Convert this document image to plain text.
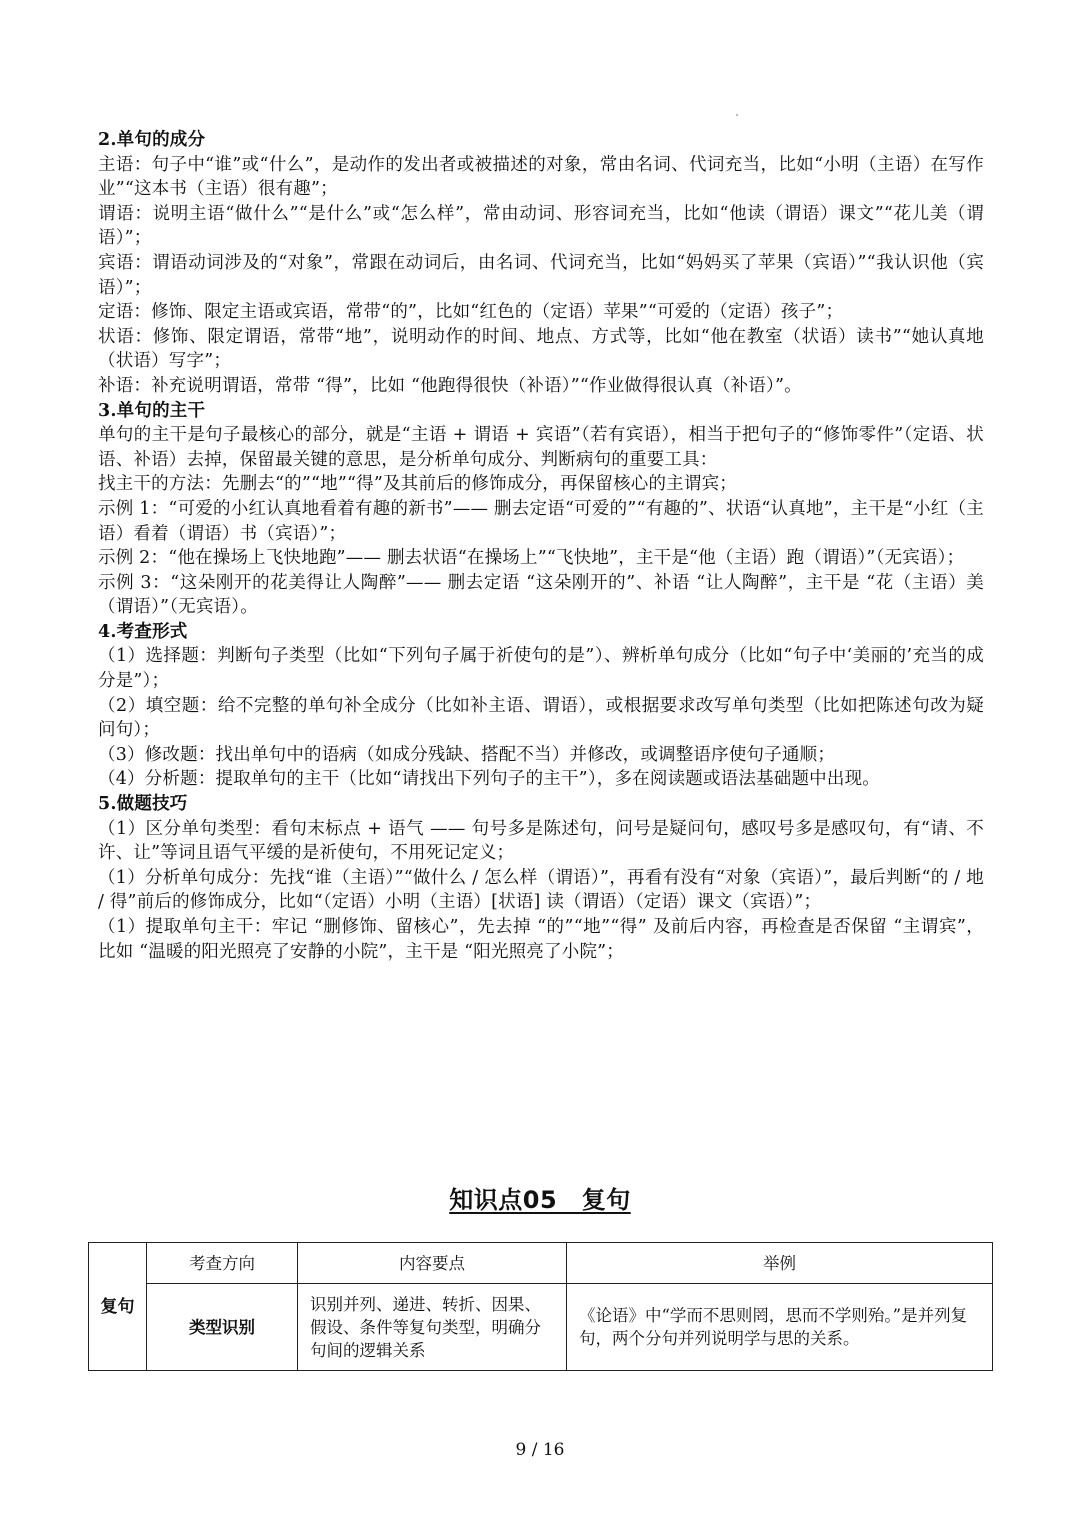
2.单句的成分

主语：句子中“谁”或“什么”，是动作的发出者或被描述的对象，常由名词、代词充当，比如“小明（主语）在写作业”“这本书（主语）很有趣”；

谓语：说明主语“做什么”“是什么”或“怎么样”，常由动词、形容词充当，比如“他读（谓语）课文”“花儿美（谓语）”；

宾语：谓语动词涉及的“对象”，常跟在动词后，由名词、代词充当，比如“妈妈买了苹果（宾语）”“我认识他（宾语）”；

定语：修饰、限定主语或宾语，常带“的”，比如“红色的（定语）苹果”“可爱的（定语）孩子”；

状语：修饰、限定谓语，常带“地”，说明动作的时间、地点、方式等，比如“他在教室（状语）读书”“她认真地（状语）写字”；

补语：补充说明谓语，常带 “得”，比如 “他跑得很快（补语）”“作业做得很认真（补语）”。

3.单句的主干

单句的主干是句子最核心的部分，就是“主语 + 谓语 + 宾语”（若有宾语），相当于把句子的“修饰零件”（定语、状语、补语）去掉，保留最关键的意思，是分析单句成分、判断病句的重要工具：

找主干的方法：先删去“的”“地”“得”及其前后的修饰成分，再保留核心的主谓宾；

示例 1：“可爱的小红认真地看着有趣的新书”—— 删去定语“可爱的”“有趣的”、状语“认真地”，主干是“小红（主语）看着（谓语）书（宾语）”；

示例 2：“他在操场上飞快地跑”—— 删去状语“在操场上”“飞快地”，主干是“他（主语）跑（谓语）”（无宾语）；

示例 3：“这朵刚开的花美得让人陶醉”—— 删去定语 “这朵刚开的”、补语 “让人陶醉”，主干是 “花（主语）美（谓语）”（无宾语）。

4.考查形式

（1）选择题：判断句子类型（比如“下列句子属于祈使句的是”）、辨析单句成分（比如“句子中‘美丽的’充当的成分是”）；

（2）填空题：给不完整的单句补全成分（比如补主语、谓语），或根据要求改写单句类型（比如把陈述句改为疑问句）；

（3）修改题：找出单句中的语病（如成分残缺、搭配不当）并修改，或调整语序使句子通顺；

（4）分析题：提取单句的主干（比如“请找出下列句子的主干”），多在阅读题或语法基础题中出现。

5.做题技巧

（1）区分单句类型：看句末标点 + 语气 —— 句号多是陈述句，问号是疑问句，感叹号多是感叹句，有“请、不许、让”等词且语气平缓的是祈使句，不用死记定义；

（1）分析单句成分：先找“谁（主语）”“做什么 / 怎么样（谓语）”，再看有没有“对象（宾语）”，最后判断“的 / 地 / 得”前后的修饰成分，比如“（定语）小明（主语）[状语] 读（谓语）（定语）课文（宾语）”；

（1）提取单句主干：牢记 “删修饰、留核心”，先去掉 “的”“地”“得” 及前后内容，再检查是否保留 “主谓宾”，比如 “温暖的阳光照亮了安静的小院”，主干是 “阳光照亮了小院”；

知识点05　复句
复句	考查方向	内容要点	举例
	类型识别	识别并列、递进、转折、因果、假设、条件等复句类型，明确分句间的逻辑关系	《论语》中“学而不思则罔，思而不学则殆。”是并列复句，两个分句并列说明学与思的关系。
9 / 16
